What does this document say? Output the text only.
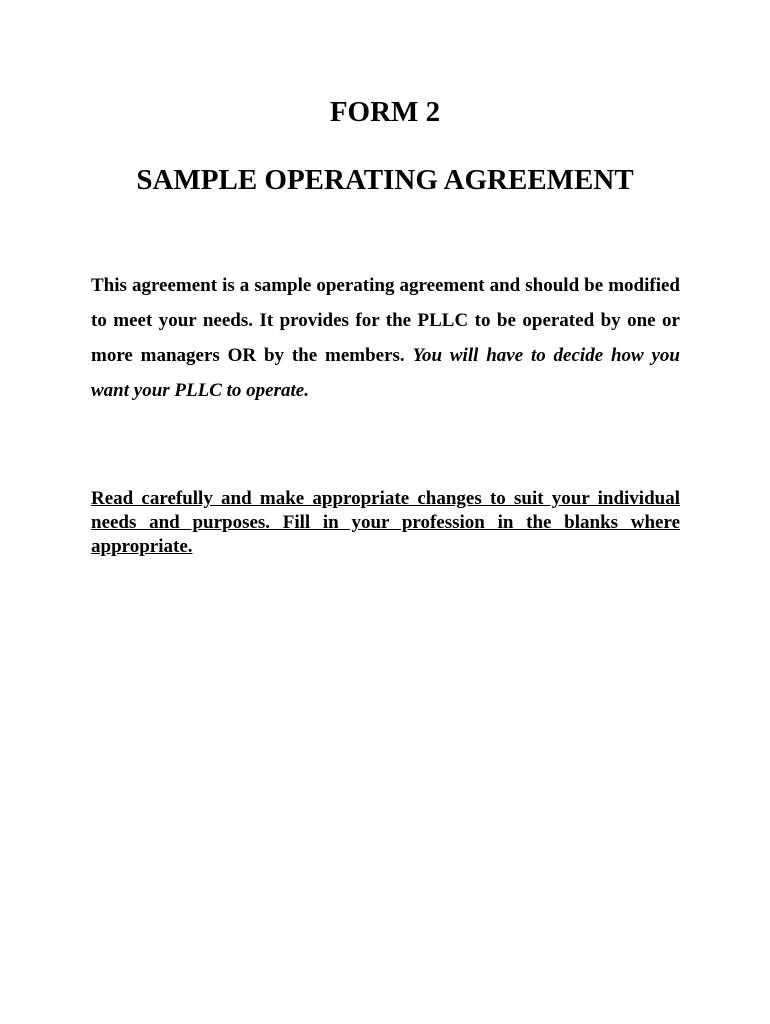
FORM 2
SAMPLE OPERATING AGREEMENT

This agreement is a sample operating agreement and should be modified to meet your needs. It provides for the PLLC to be operated by one or more managers OR by the members. You will have to decide how you want your PLLC to operate.

Read carefully and make appropriate changes to suit your individual needs and purposes. Fill in your profession in the blanks where appropriate.
